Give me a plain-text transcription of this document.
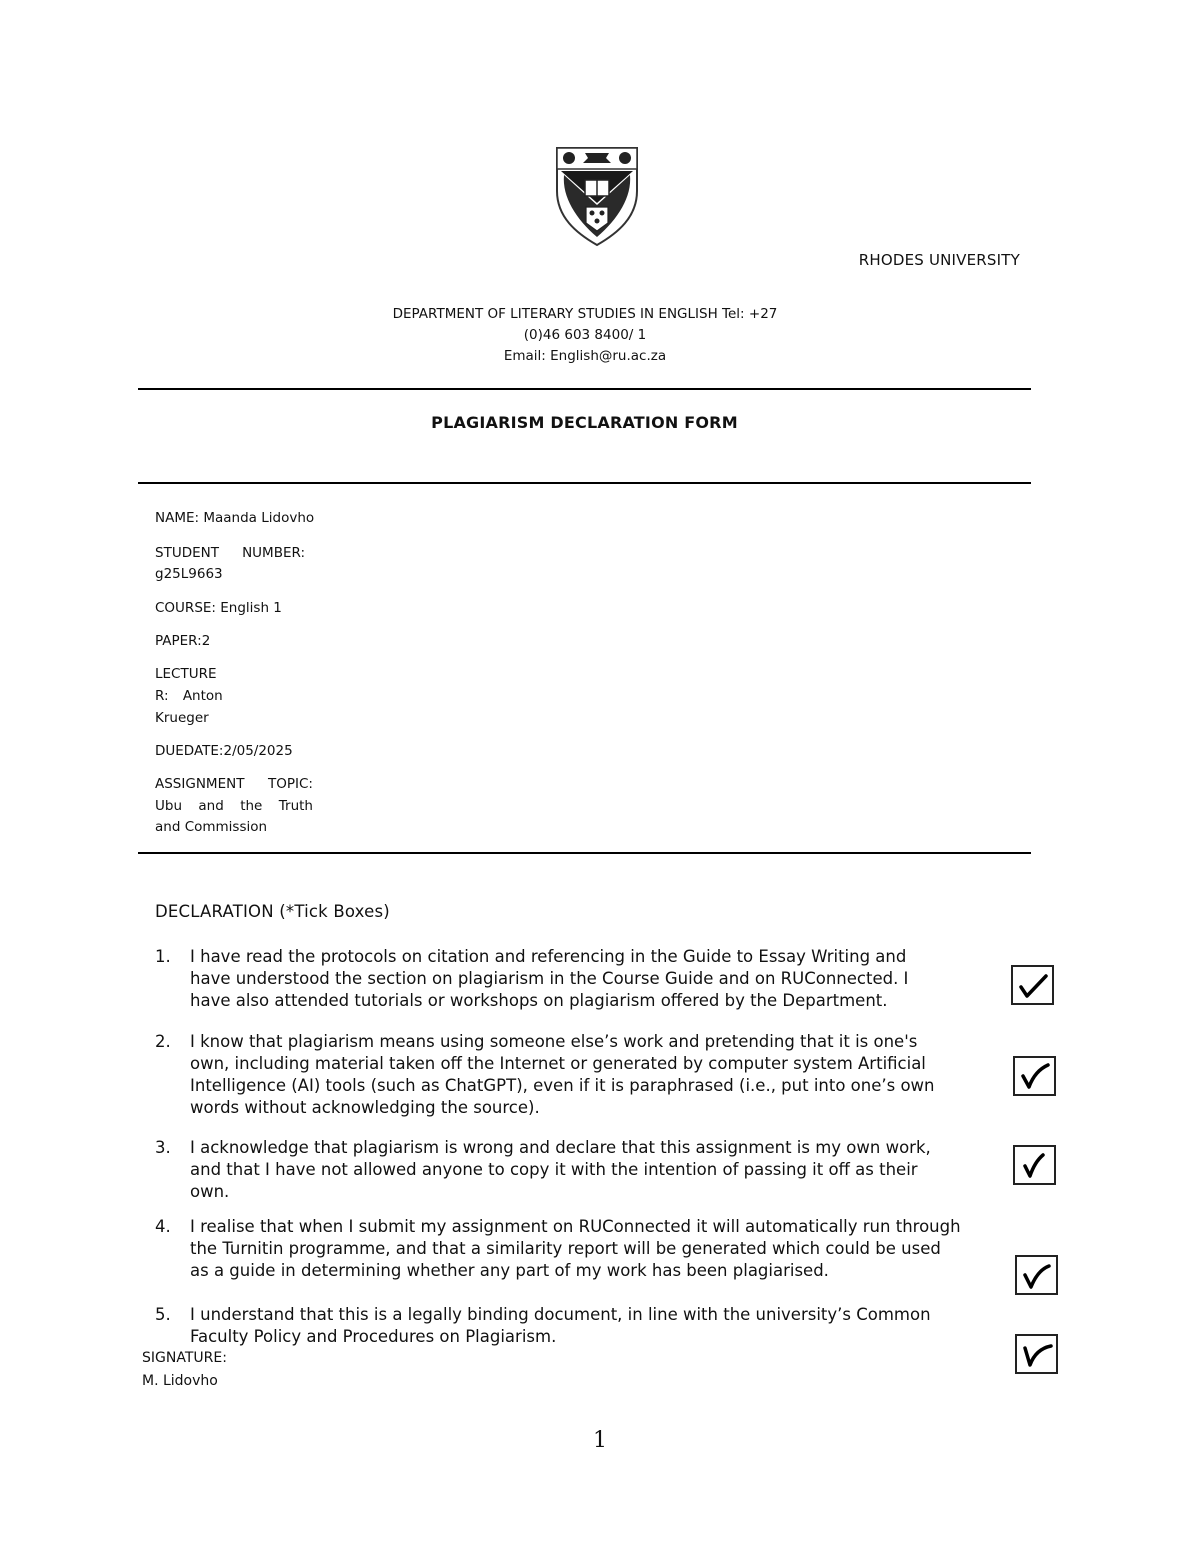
RHODES UNIVERSITY
DEPARTMENT OF LITERARY STUDIES IN ENGLISH Tel: +27
(0)46 603 8400/ 1
Email: English@ru.ac.za
PLAGIARISM DECLARATION FORM
NAME: Maanda Lidovho
STUDENT NUMBER:
g25L9663
COURSE: English 1
PAPER:2
LECTURE
R: Anton
Krueger
DUEDATE:2/05/2025
ASSIGNMENT TOPIC:
Ubu and the Truth
and Commission
DECLARATION (*Tick Boxes)
1.	I have read the protocols on citation and referencing in the Guide to Essay Writing and
have understood the section on plagiarism in the Course Guide and on RUConnected. I
have also attended tutorials or workshops on plagiarism offered by the Department.
2.	I know that plagiarism means using someone else’s work and pretending that it is one's
own, including material taken off the Internet or generated by computer system Artificial
Intelligence (AI) tools (such as ChatGPT), even if it is paraphrased (i.e., put into one’s own
words without acknowledging the source).
3.	I acknowledge that plagiarism is wrong and declare that this assignment is my own work,
and that I have not allowed anyone to copy it with the intention of passing it off as their
own.
4.	I realise that when I submit my assignment on RUConnected it will automatically run through
the Turnitin programme, and that a similarity report will be generated which could be used
as a guide in determining whether any part of my work has been plagiarised.
5.	I understand that this is a legally binding document, in line with the university’s Common
Faculty Policy and Procedures on Plagiarism.
SIGNATURE:
M. Lidovho
1
